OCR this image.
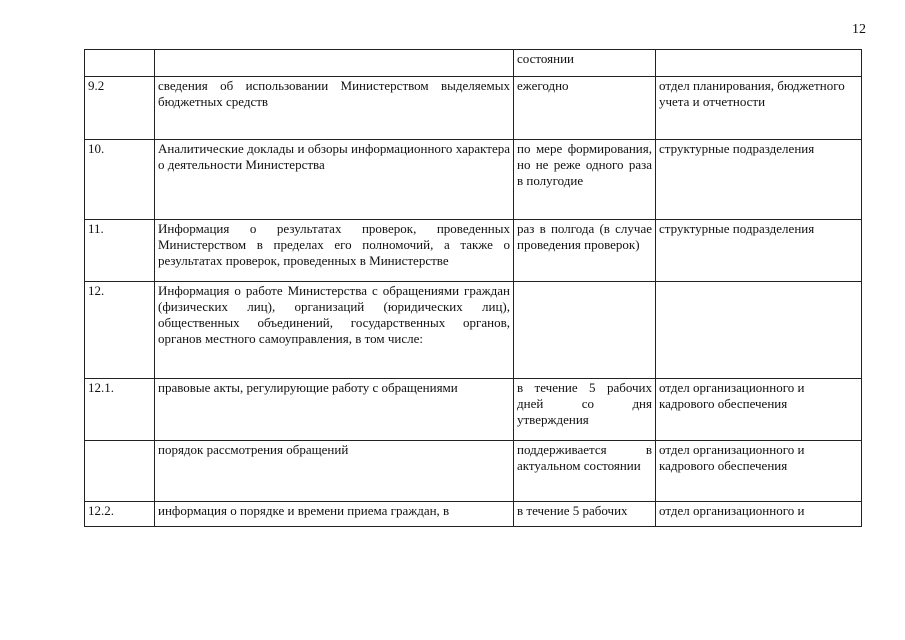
12
		состоянии	
9.2	сведения об использовании Министерством выделяемых бюджетных средств	ежегодно	отдел планирования, бюджетного учета и отчетности
10.	Аналитические доклады и обзоры информационного характера о деятельности Министерства	по мере формирования, но не реже одного раза в полугодие	структурные подразделения
11.	Информация о результатах проверок, проведенных Министерством в пределах его полномочий, а также о результатах проверок, проведенных в Министерстве	раз в полгода (в случае проведения проверок)	структурные подразделения
12.	Информация о работе Министерства с обращениями граждан (физических лиц), организаций (юридических лиц), общественных объединений, государственных органов, органов местного самоуправления, в том числе:		
12.1.	правовые акты, регулирующие работу с обращениями	в течение 5 рабочих дней со дня утверждения	отдел организационного и кадрового обеспечения
	порядок рассмотрения обращений	поддерживается в актуальном состоянии	отдел организационного и кадрового обеспечения
12.2.	информация о порядке и времени приема граждан, в	в течение 5 рабочих	отдел организационного и
